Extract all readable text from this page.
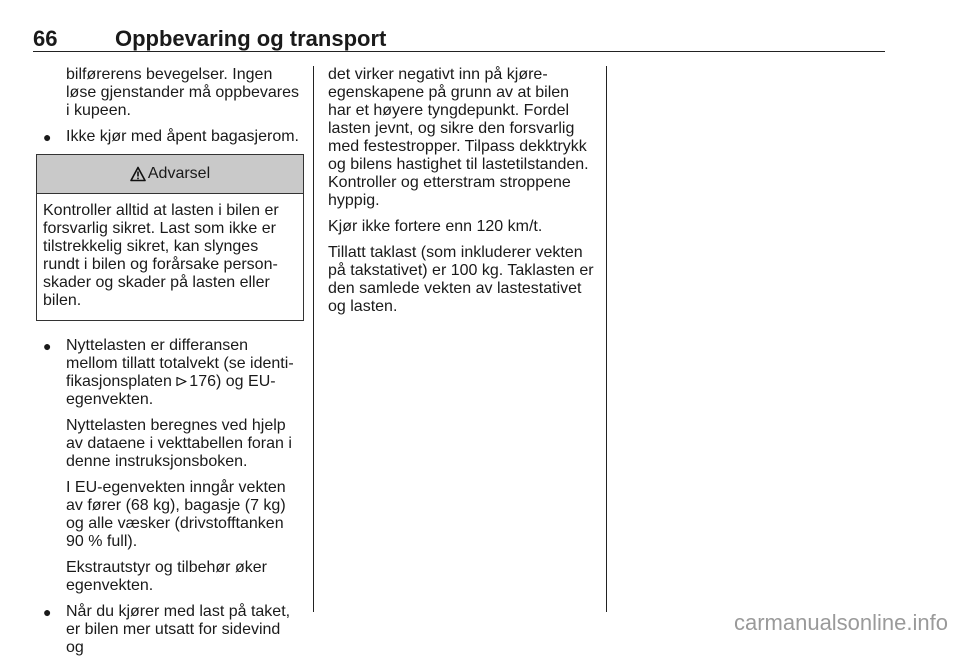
66	Oppbevaring og transport
bilførerens bevegelser. Ingen løse gjenstander må oppbevares i kupeen.
● Ikke kjør med åpent bagasjerom.

Advarsel
Kontroller alltid at lasten i bilen er forsvarlig sikret. Last som ikke er tilstrekkelig sikret, kan slynges rundt i bilen og forårsake personskader og skader på lasten eller bilen.
● Nyttelasten er differansen mellom tillatt totalvekt (se identifikasjonsplaten 176) og EU-egenvekten.

Nyttelasten beregnes ved hjelp av dataene i vekttabellen foran i denne instruksjonsboken.

I EU-egenvekten inngår vekten av fører (68 kg), bagasje (7 kg) og alle væsker (drivstofftanken 90 % full).

Ekstrautstyr og tilbehør øker egenvekten.

● Når du kjører med last på taket, er bilen mer utsatt for sidevind og

det virker negativt inn på kjøreegenskapene på grunn av at bilen har et høyere tyngdepunkt. Fordel lasten jevnt, og sikre den forsvarlig med festestropper. Tilpass dekktrykk og bilens hastighet til lastetilstanden. Kontroller og etterstram stroppene hyppig.

Kjør ikke fortere enn 120 km/t.

Tillatt taklast (som inkluderer vekten på takstativet) er 100 kg. Taklasten er den samlede vekten av lastestativet og lasten.

carmanualsonline.info
